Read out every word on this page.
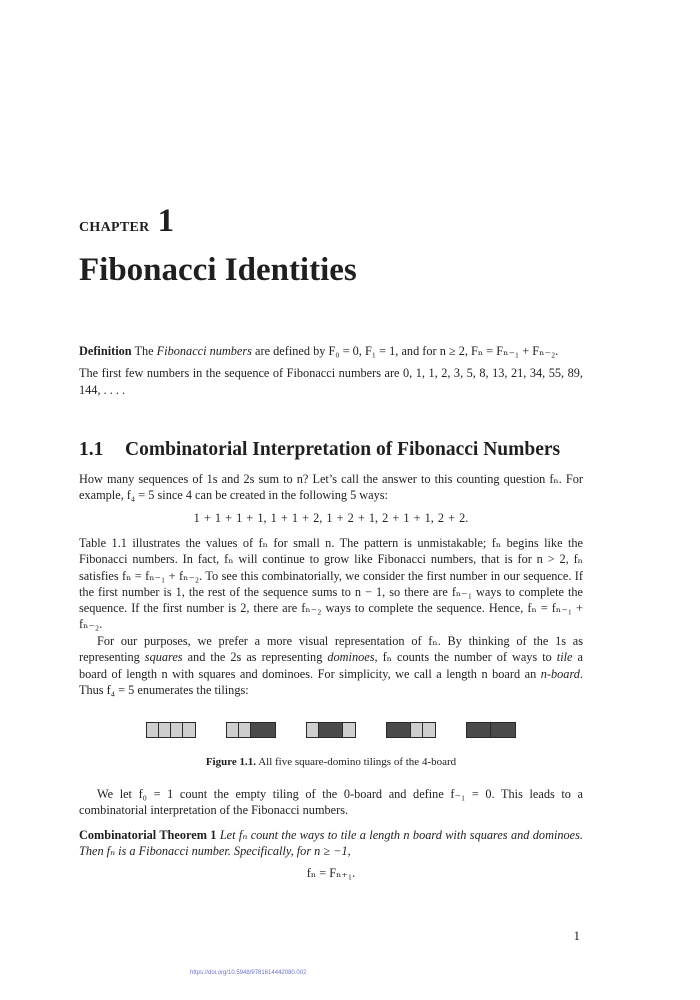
CHAPTER 1
Fibonacci Identities

Definition The Fibonacci numbers are defined by F₀ = 0, F₁ = 1, and for n ≥ 2, Fₙ = Fₙ₋₁ + Fₙ₋₂.

The first few numbers in the sequence of Fibonacci numbers are 0, 1, 1, 2, 3, 5, 8, 13, 21, 34, 55, 89, 144, . . . .

1.1 Combinatorial Interpretation of Fibonacci Numbers
How many sequences of 1s and 2s sum to n? Let’s call the answer to this counting question fₙ. For example, f₄ = 5 since 4 can be created in the following 5 ways:
1 + 1 + 1 + 1, 1 + 1 + 2, 1 + 2 + 1, 2 + 1 + 1, 2 + 2.
Table 1.1 illustrates the values of fₙ for small n. The pattern is unmistakable; fₙ begins like the Fibonacci numbers. In fact, fₙ will continue to grow like Fibonacci numbers, that is for n > 2, fₙ satisfies fₙ = fₙ₋₁ + fₙ₋₂. To see this combinatorially, we consider the first number in our sequence. If the first number is 1, the rest of the sequence sums to n − 1, so there are fₙ₋₁ ways to complete the sequence. If the first number is 2, there are fₙ₋₂ ways to complete the sequence. Hence, fₙ = fₙ₋₁ + fₙ₋₂.
For our purposes, we prefer a more visual representation of fₙ. By thinking of the 1s as representing squares and the 2s as representing dominoes, fₙ counts the number of ways to tile a board of length n with squares and dominoes. For simplicity, we call a length n board an n-board. Thus f₄ = 5 enumerates the tilings:
Figure 1.1. All five square-domino tilings of the 4-board
We let f₀ = 1 count the empty tiling of the 0-board and define f₋₁ = 0. This leads to a combinatorial interpretation of the Fibonacci numbers.
Combinatorial Theorem 1 Let fₙ count the ways to tile a length n board with squares and dominoes. Then fₙ is a Fibonacci number. Specifically, for n ≥ −1,
fₙ = Fₙ₊₁.
1
https://doi.org/10.5948/9781614442080.002
